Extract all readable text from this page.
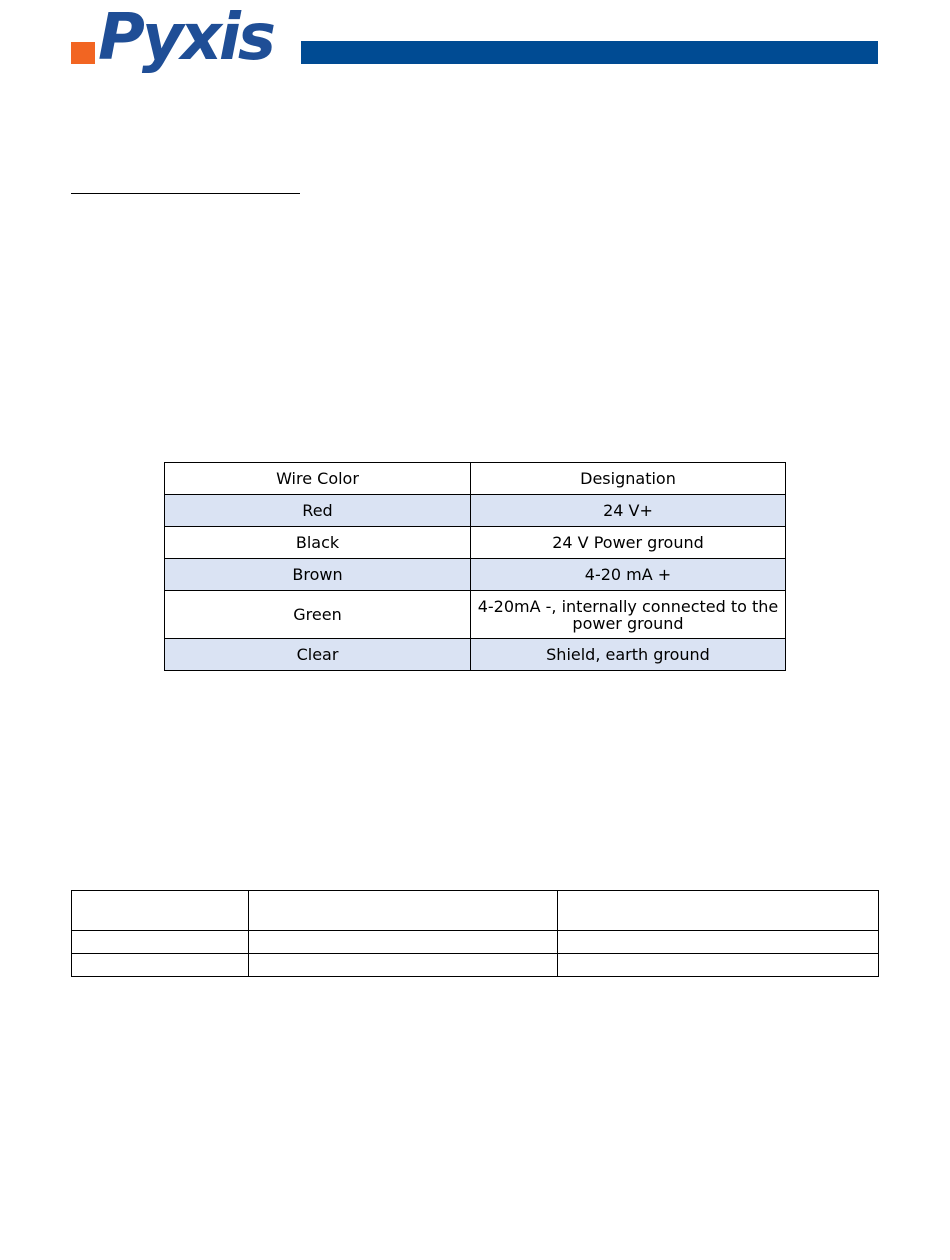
Pyxis
Wire Color	Designation
Red	24 V+
Black	24 V Power ground
Brown	4-20 mA +
Green	4-20mA -, internally connected to the power ground
Clear	Shield, earth ground
